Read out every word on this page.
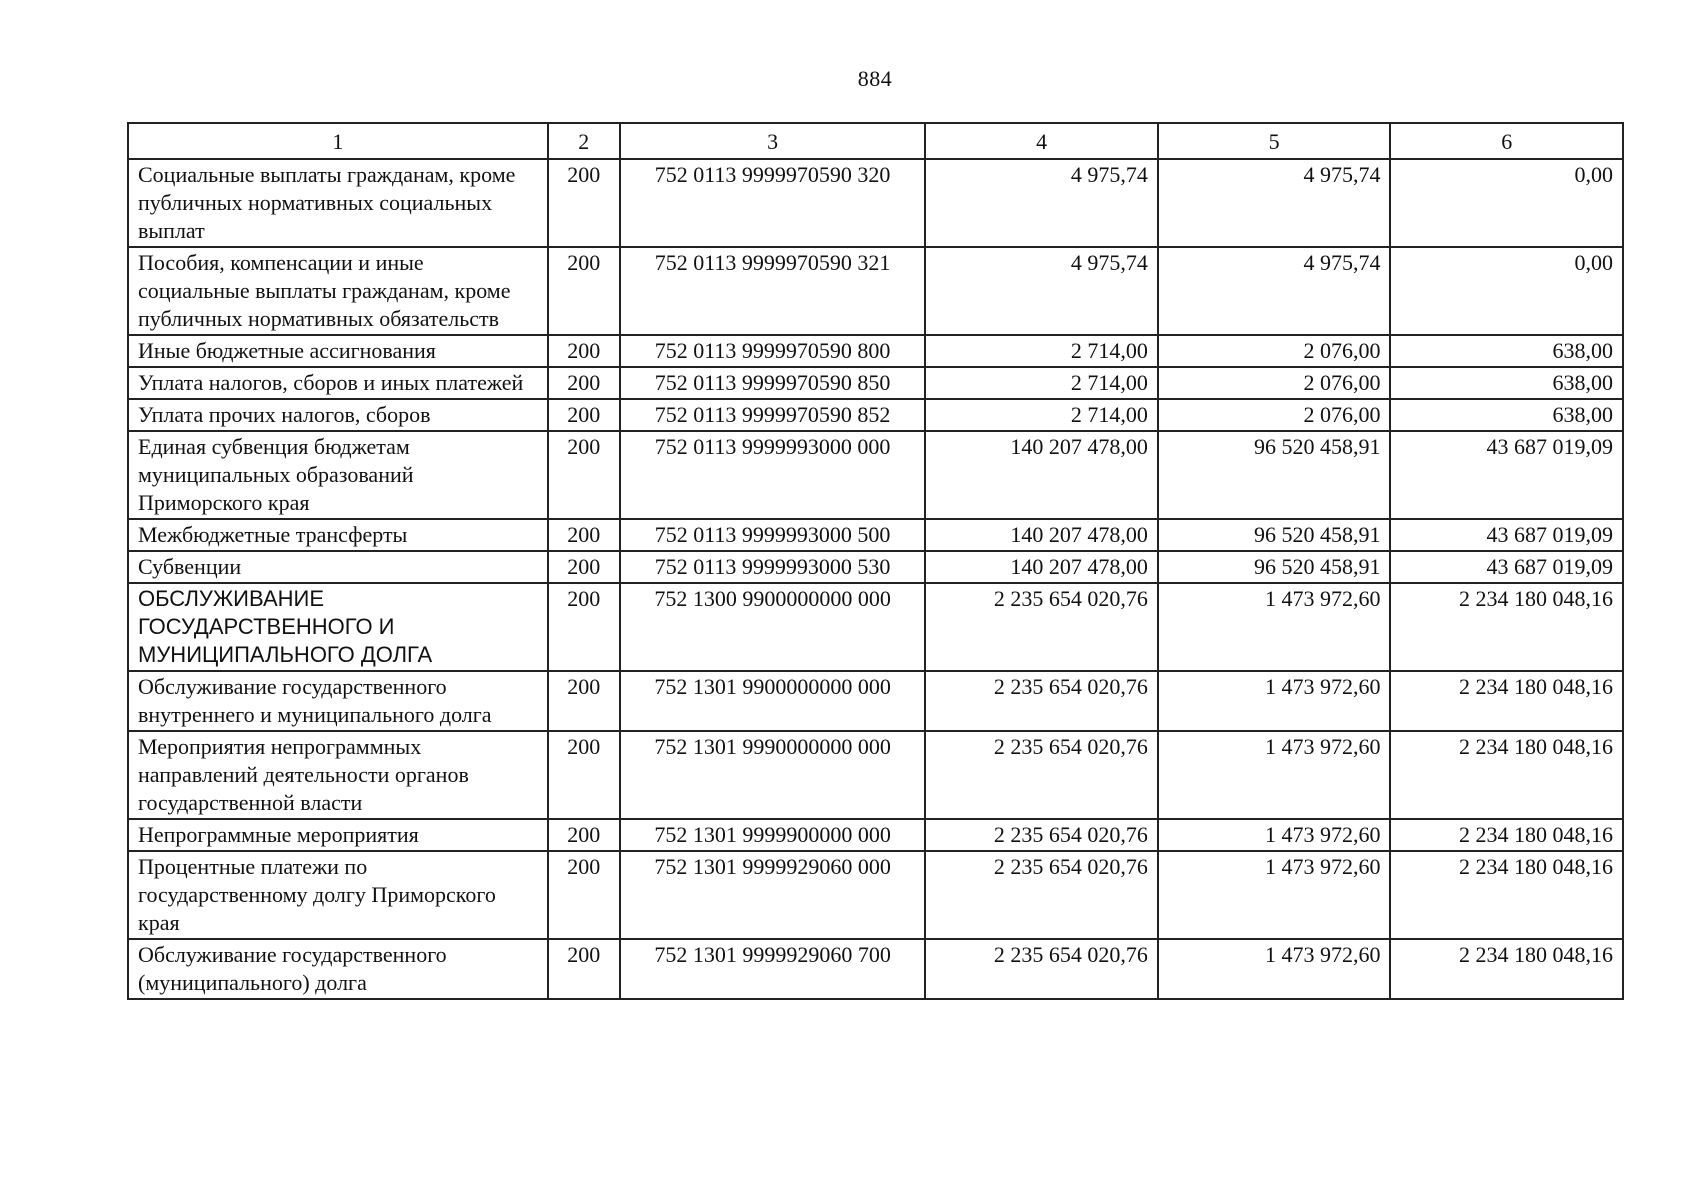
884
1	2	3	4	5	6
Социальные выплаты гражданам, кроме публичных нормативных социальных выплат	200	752 0113 9999970590 320	4 975,74	4 975,74	0,00
Пособия, компенсации и иные социальные выплаты гражданам, кроме публичных нормативных обязательств	200	752 0113 9999970590 321	4 975,74	4 975,74	0,00
Иные бюджетные ассигнования	200	752 0113 9999970590 800	2 714,00	2 076,00	638,00
Уплата налогов, сборов и иных платежей	200	752 0113 9999970590 850	2 714,00	2 076,00	638,00
Уплата прочих налогов, сборов	200	752 0113 9999970590 852	2 714,00	2 076,00	638,00
Единая субвенция бюджетам муниципальных образований Приморского края	200	752 0113 9999993000 000	140 207 478,00	96 520 458,91	43 687 019,09
Межбюджетные трансферты	200	752 0113 9999993000 500	140 207 478,00	96 520 458,91	43 687 019,09
Субвенции	200	752 0113 9999993000 530	140 207 478,00	96 520 458,91	43 687 019,09
ОБСЛУЖИВАНИЕ ГОСУДАРСТВЕННОГО И МУНИЦИПАЛЬНОГО ДОЛГА	200	752 1300 9900000000 000	2 235 654 020,76	1 473 972,60	2 234 180 048,16
Обслуживание государственного внутреннего и муниципального долга	200	752 1301 9900000000 000	2 235 654 020,76	1 473 972,60	2 234 180 048,16
Мероприятия непрограммных направлений деятельности органов государственной власти	200	752 1301 9990000000 000	2 235 654 020,76	1 473 972,60	2 234 180 048,16
Непрограммные мероприятия	200	752 1301 9999900000 000	2 235 654 020,76	1 473 972,60	2 234 180 048,16
Процентные платежи по государственному долгу Приморского края	200	752 1301 9999929060 000	2 235 654 020,76	1 473 972,60	2 234 180 048,16
Обслуживание государственного (муниципального) долга	200	752 1301 9999929060 700	2 235 654 020,76	1 473 972,60	2 234 180 048,16
